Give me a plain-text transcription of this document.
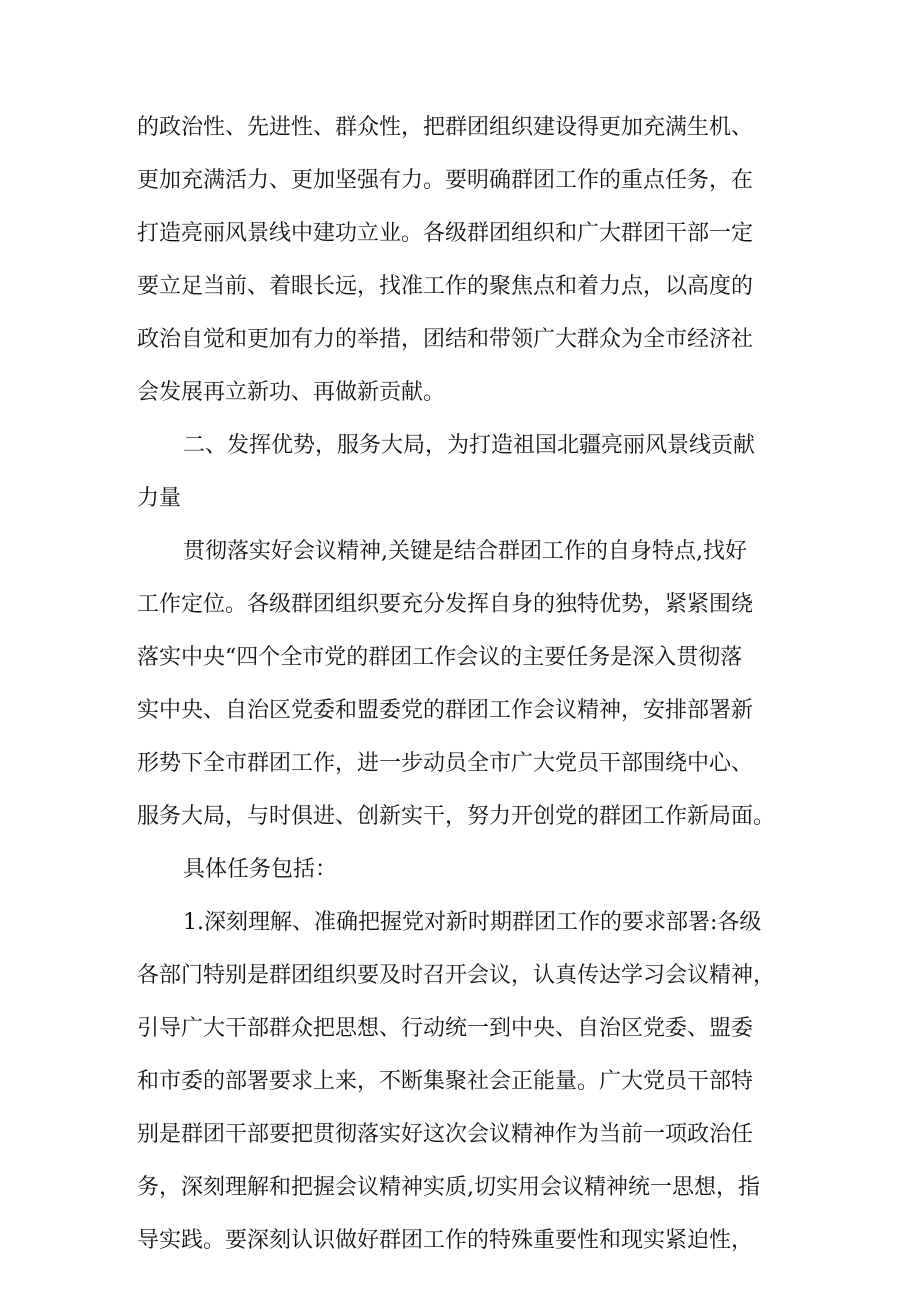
的政治性、先进性、群众性，把群团组织建设得更加充满生机、
更加充满活力、更加坚强有力。要明确群团工作的重点任务，在
打造亮丽风景线中建功立业。各级群团组织和广大群团干部一定
要立足当前、着眼长远，找准工作的聚焦点和着力点，以高度的
政治自觉和更加有力的举措，团结和带领广大群众为全市经济社
会发展再立新功、再做新贡献。
二、发挥优势，服务大局，为打造祖国北疆亮丽风景线贡献
力量
贯彻落实好会议精神,关键是结合群团工作的自身特点,找好
工作定位。各级群团组织要充分发挥自身的独特优势，紧紧围绕
落实中央“四个全市党的群团工作会议的主要任务是深入贯彻落
实中央、自治区党委和盟委党的群团工作会议精神，安排部署新
形势下全市群团工作，进一步动员全市广大党员干部围绕中心、
服务大局，与时俱进、创新实干，努力开创党的群团工作新局面。
具体任务包括：
1.深刻理解、准确把握党对新时期群团工作的要求部署:各级
各部门特别是群团组织要及时召开会议，认真传达学习会议精神，
引导广大干部群众把思想、行动统一到中央、自治区党委、盟委
和市委的部署要求上来，不断集聚社会正能量。广大党员干部特
别是群团干部要把贯彻落实好这次会议精神作为当前一项政治任
务，深刻理解和把握会议精神实质,切实用会议精神统一思想，指
导实践。要深刻认识做好群团工作的特殊重要性和现实紧迫性，
